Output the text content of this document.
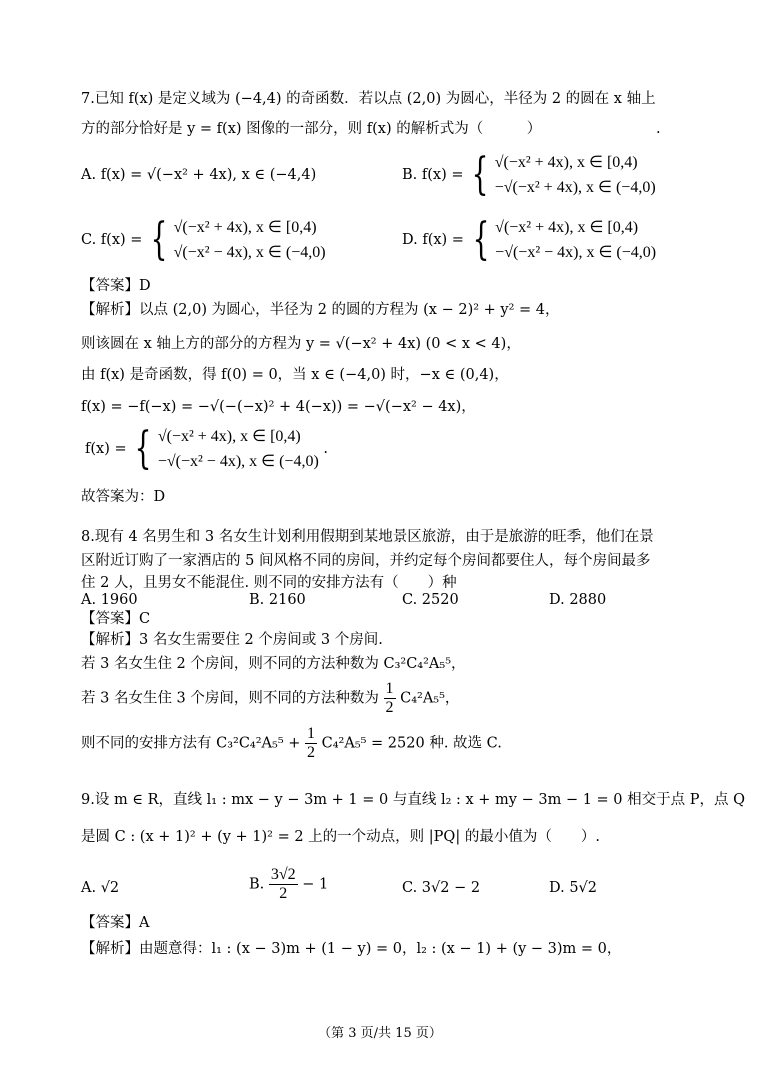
7.已知 f(x) 是定义域为 (−4,4) 的奇函数．若以点 (2,0) 为圆心，半径为 2 的圆在 x 轴上
方的部分恰好是 y = f(x) 图像的一部分，则 f(x) 的解析式为（　　　）	.
A. f(x) = √(−x² + 4x), x ∈ (−4,4)	B. f(x) = { √(−x² + 4x), x ∈ [0,4)
−√(−x² + 4x), x ∈ (−4,0)
C. f(x) = { √(−x² + 4x), x ∈ [0,4)
√(−x² − 4x), x ∈ (−4,0)
D. f(x) = { √(−x² + 4x), x ∈ [0,4)
−√(−x² − 4x), x ∈ (−4,0)
【答案】D
【解析】以点 (2,0) 为圆心，半径为 2 的圆的方程为 (x − 2)² + y² = 4，
则该圆在 x 轴上方的部分的方程为 y = √(−x² + 4x) (0 < x < 4)，
由 f(x) 是奇函数，得 f(0) = 0，当 x ∈ (−4,0) 时，−x ∈ (0,4)，
f(x) = −f(−x) = −√(−(−x)² + 4(−x)) = −√(−x² − 4x)，
f(x) = { √(−x² + 4x), x ∈ [0,4)
−√(−x² − 4x), x ∈ (−4,0)
.
故答案为：D
8.现有 4 名男生和 3 名女生计划利用假期到某地景区旅游，由于是旅游的旺季，他们在景
区附近订购了一家酒店的 5 间风格不同的房间，并约定每个房间都要住人，每个房间最多
住 2 人，且男女不能混住. 则不同的安排方法有（　　）种
A. 1960	B. 2160	C. 2520	D. 2880
【答案】C
【解析】3 名女生需要住 2 个房间或 3 个房间.
若 3 名女生住 2 个房间，则不同的方法种数为 C₃²C₄²A₅⁵，
若 3 名女生住 3 个房间，则不同的方法种数为 $\frac{1}{2} C_4^2A_5^5$，
则不同的安排方法有 $C_3^2C_4^2A_5^5 + \frac{1}{2} C_4^2A_5^5 = 2520$ 种. 故选 C.
9.设 m ∈ R，直线 l₁ : mx − y − 3m + 1 = 0 与直线 l₂ : x + my − 3m − 1 = 0 相交于点 P，点 Q
是圆 C : (x + 1)² + (y + 1)² = 2 上的一个动点，则 |PQ| 的最小值为（　　）.
A. √2	B. $\frac{3√2}{2} - 1$	C. 3√2 − 2	D. 5√2
【答案】A
【解析】由题意得：l₁ : (x − 3)m + (1 − y) = 0，l₂ : (x − 1) + (y − 3)m = 0，
（第 3 页/共 15 页）
